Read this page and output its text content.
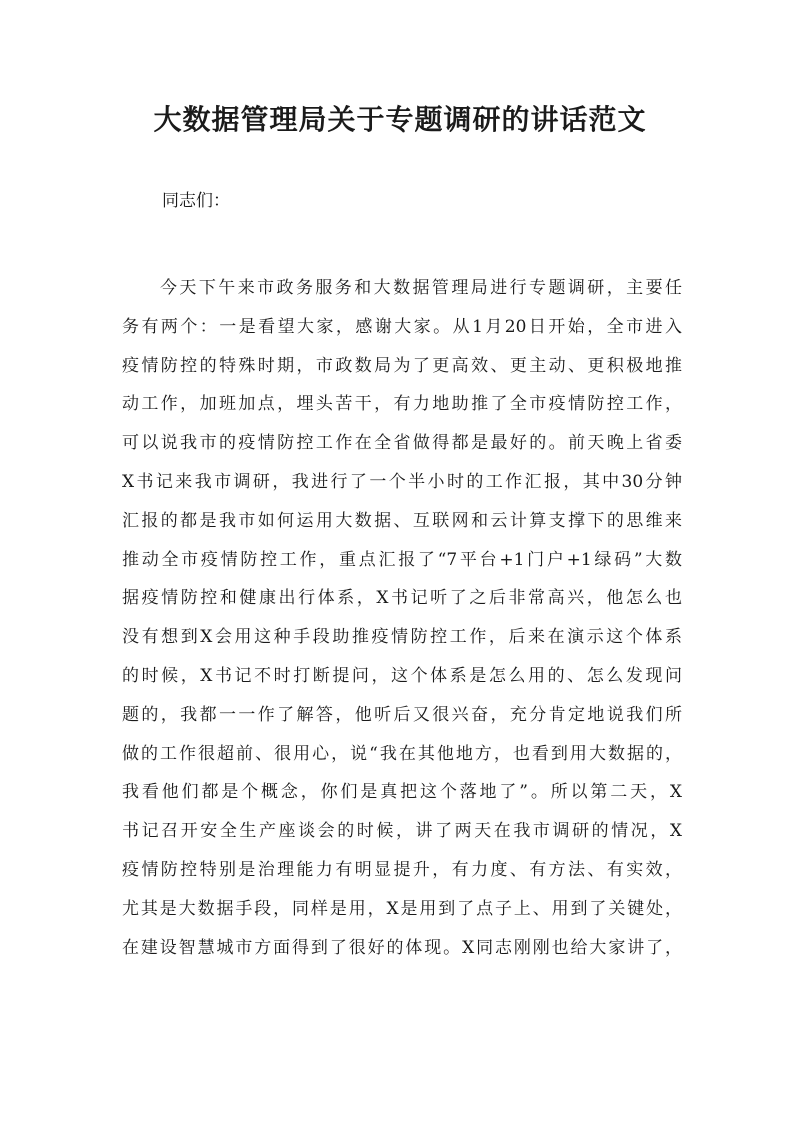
大数据管理局关于专题调研的讲话范文

同志们：

今天下午来市政务服务和大数据管理局进行专题调研，主要任
务有两个：一是看望大家，感谢大家。从1月20日开始，全市进入
疫情防控的特殊时期，市政数局为了更高效、更主动、更积极地推
动工作，加班加点，埋头苦干，有力地助推了全市疫情防控工作，
可以说我市的疫情防控工作在全省做得都是最好的。前天晚上省委
X书记来我市调研，我进行了一个半小时的工作汇报，其中30分钟
汇报的都是我市如何运用大数据、互联网和云计算支撑下的思维来
推动全市疫情防控工作，重点汇报了“7平台+1门户+1绿码”大数
据疫情防控和健康出行体系，X书记听了之后非常高兴，他怎么也
没有想到X会用这种手段助推疫情防控工作，后来在演示这个体系
的时候，X书记不时打断提问，这个体系是怎么用的、怎么发现问
题的，我都一一作了解答，他听后又很兴奋，充分肯定地说我们所
做的工作很超前、很用心，说“我在其他地方，也看到用大数据的，
我看他们都是个概念，你们是真把这个落地了”。所以第二天，X
书记召开安全生产座谈会的时候，讲了两天在我市调研的情况，X
疫情防控特别是治理能力有明显提升，有力度、有方法、有实效，
尤其是大数据手段，同样是用，X是用到了点子上、用到了关键处，
在建设智慧城市方面得到了很好的体现。X同志刚刚也给大家讲了，
